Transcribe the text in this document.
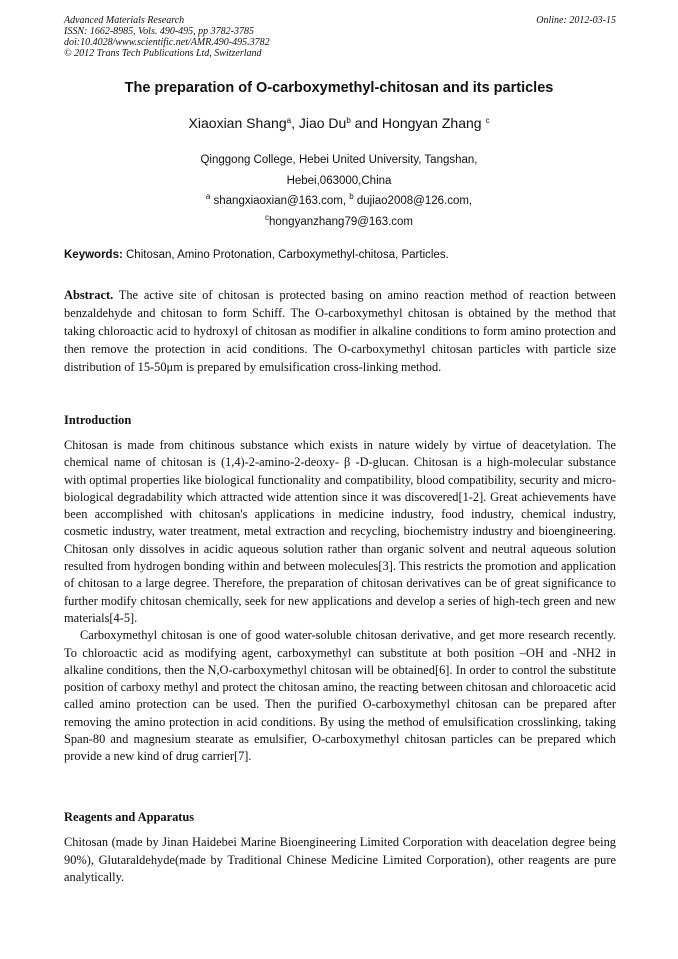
Advanced Materials Research
ISSN: 1662-8985, Vols. 490-495, pp 3782-3785
doi:10.4028/www.scientific.net/AMR.490-495.3782
© 2012 Trans Tech Publications Ltd, Switzerland
Online: 2012-03-15
The preparation of O-carboxymethyl-chitosan and its particles
Xiaoxian Shang$^a$, Jiao Du$^b$ and Hongyan Zhang $^c$
Qinggong College, Hebei United University, Tangshan,
Hebei,063000,China
$^a$ shangxiaoxian@163.com, $^b$ dujiao2008@126.com,
$^c$hongyanzhang79@163.com
Keywords: Chitosan, Amino Protonation, Carboxymethyl-chitosa, Particles.
Abstract. The active site of chitosan is protected basing on amino reaction method of reaction between benzaldehyde and chitosan to form Schiff. The O-carboxymethyl chitosan is obtained by the method that taking chloroactic acid to hydroxyl of chitosan as modifier in alkaline conditions to form amino protection and then remove the protection in acid conditions. The O-carboxymethyl chitosan particles with particle size distribution of 15-50μm is prepared by emulsification cross-linking method.
Introduction

Chitosan is made from chitinous substance which exists in nature widely by virtue of deacetylation. The chemical name of chitosan is (1,4)-2-amino-2-deoxy- β -D-glucan. Chitosan is a high-molecular substance with optimal properties like biological functionality and compatibility, blood compatibility, security and micro-biological degradability which attracted wide attention since it was discovered[1-2]. Great achievements have been accomplished with chitosan's applications in medicine industry, food industry, chemical industry, cosmetic industry, water treatment, metal extraction and recycling, biochemistry industry and bioengineering. Chitosan only dissolves in acidic aqueous solution rather than organic solvent and neutral aqueous solution resulted from hydrogen bonding within and between molecules[3]. This restricts the promotion and application of chitosan to a large degree. Therefore, the preparation of chitosan derivatives can be of great significance to further modify chitosan chemically, seek for new applications and develop a series of high-tech green and new materials[4-5].

Carboxymethyl chitosan is one of good water-soluble chitosan derivative, and get more research recently. To chloroactic acid as modifying agent, carboxymethyl can substitute at both position –OH and -NH2 in alkaline conditions, then the N,O-carboxymethyl chitosan will be obtained[6]. In order to control the substitute position of carboxy methyl and protect the chitosan amino, the reacting between chitosan and chloroacetic acid called amino protection can be used. Then the purified O-carboxymethyl chitosan can be prepared after removing the amino protection in acid conditions. By using the method of emulsification crosslinking, taking Span-80 and magnesium stearate as emulsifier, O-carboxymethyl chitosan particles can be prepared which provide a new kind of drug carrier[7].

Reagents and Apparatus

Chitosan (made by Jinan Haidebei Marine Bioengineering Limited Corporation with deacelation degree being 90%), Glutaraldehyde(made by Traditional Chinese Medicine Limited Corporation), other reagents are pure analytically.
